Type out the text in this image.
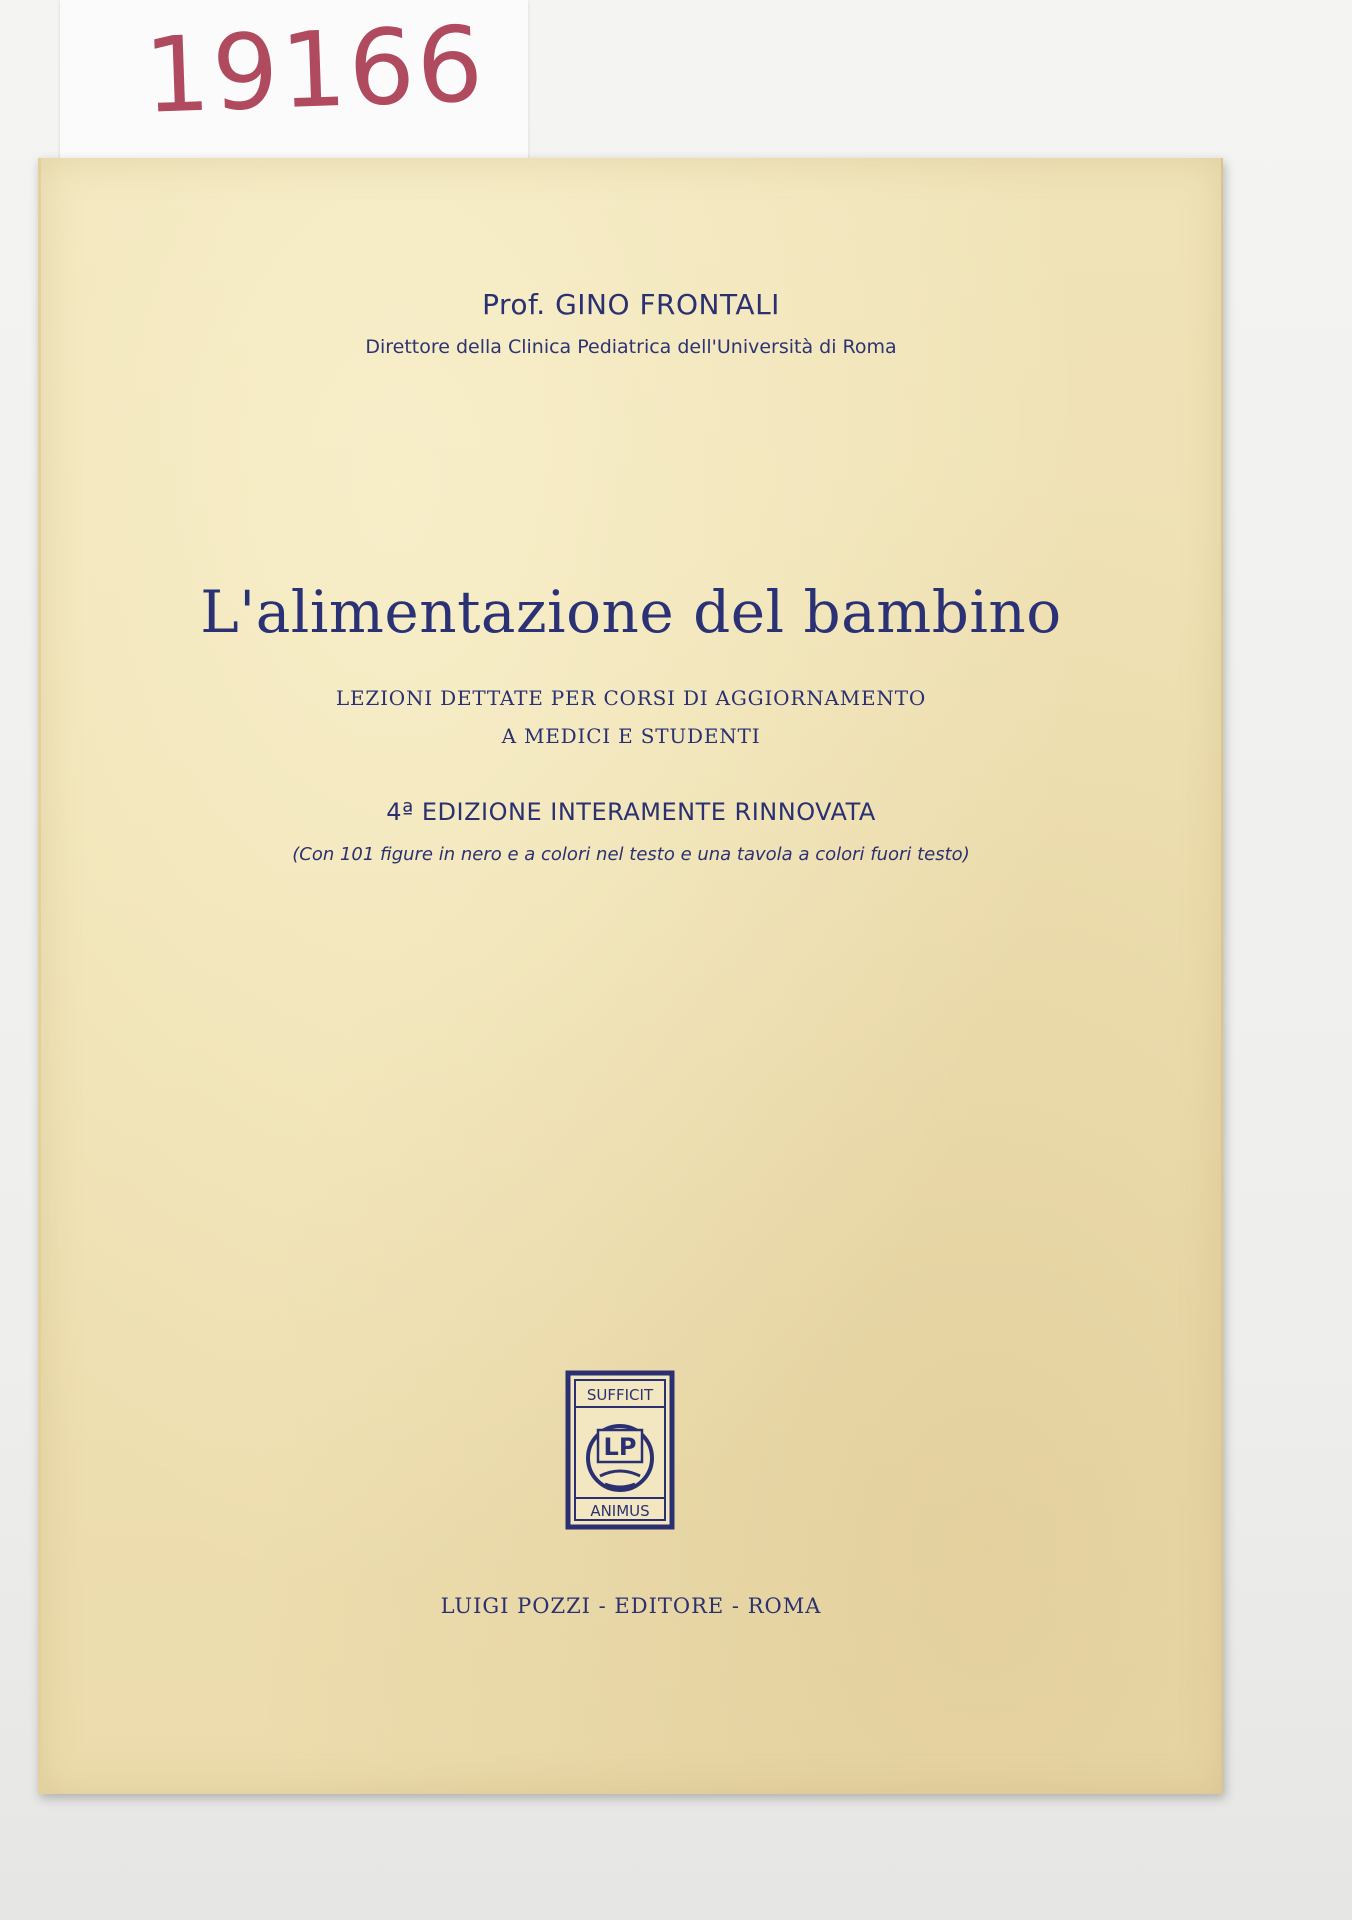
19166
Prof. GINO FRONTALI
Direttore della Clinica Pediatrica dell'Università di Roma
L'alimentazione del bambino
LEZIONI DETTATE PER CORSI DI AGGIORNAMENTO
A MEDICI E STUDENTI
4ª EDIZIONE INTERAMENTE RINNOVATA
(Con 101 figure in nero e a colori nel testo e una tavola a colori fuori testo)
SUFFICIT
LP
ANIMUS
LUIGI POZZI - EDITORE - ROMA
